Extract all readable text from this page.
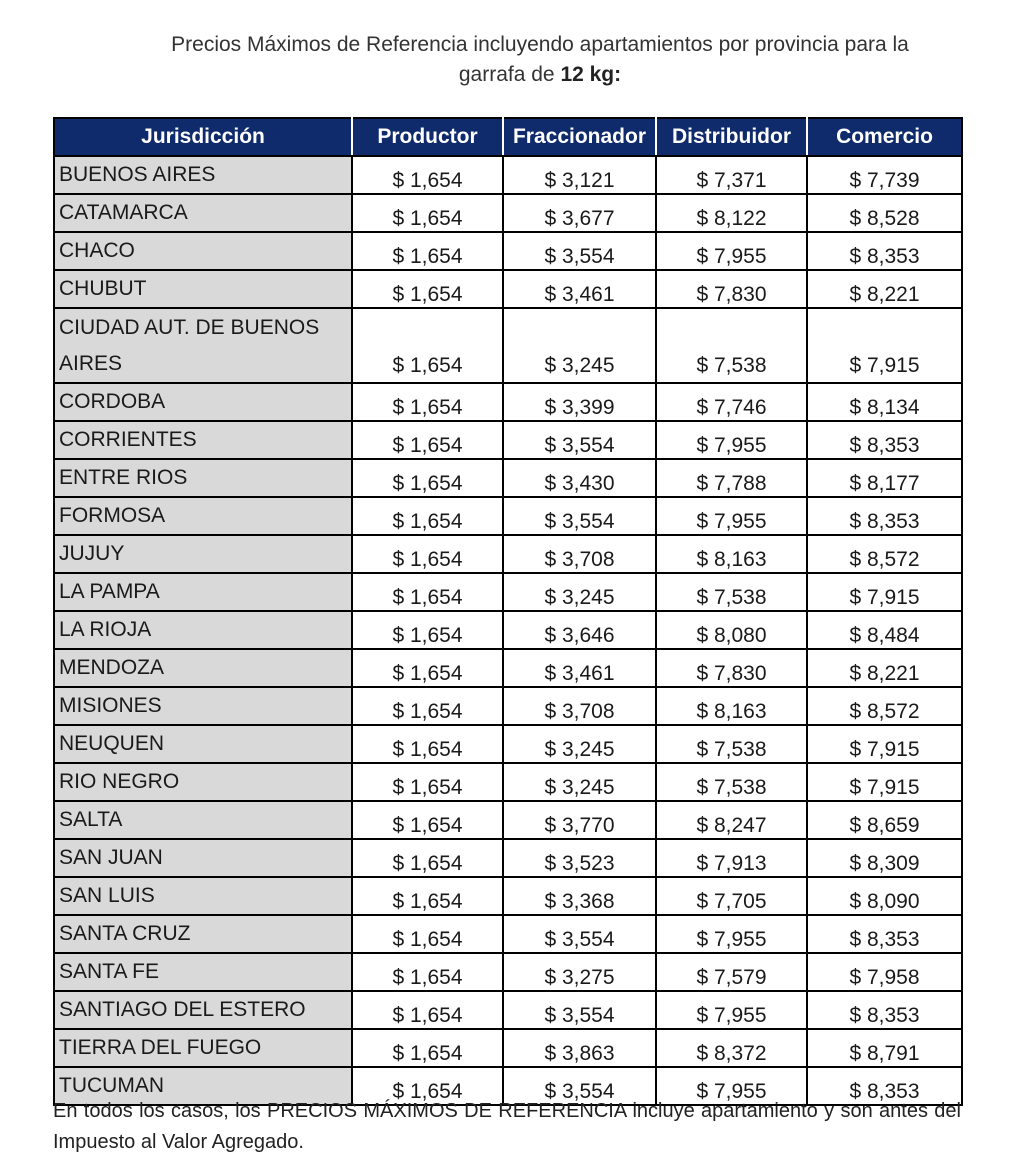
Precios Máximos de Referencia incluyendo apartamientos por provincia para la
garrafa de 12 kg:
Jurisdicción	Productor	Fraccionador	Distribuidor	Comercio
BUENOS AIRES	$ 1,654	$ 3,121	$ 7,371	$ 7,739
CATAMARCA	$ 1,654	$ 3,677	$ 8,122	$ 8,528
CHACO	$ 1,654	$ 3,554	$ 7,955	$ 8,353
CHUBUT	$ 1,654	$ 3,461	$ 7,830	$ 8,221
CIUDAD AUT. DE BUENOS AIRES	$ 1,654	$ 3,245	$ 7,538	$ 7,915
CORDOBA	$ 1,654	$ 3,399	$ 7,746	$ 8,134
CORRIENTES	$ 1,654	$ 3,554	$ 7,955	$ 8,353
ENTRE RIOS	$ 1,654	$ 3,430	$ 7,788	$ 8,177
FORMOSA	$ 1,654	$ 3,554	$ 7,955	$ 8,353
JUJUY	$ 1,654	$ 3,708	$ 8,163	$ 8,572
LA PAMPA	$ 1,654	$ 3,245	$ 7,538	$ 7,915
LA RIOJA	$ 1,654	$ 3,646	$ 8,080	$ 8,484
MENDOZA	$ 1,654	$ 3,461	$ 7,830	$ 8,221
MISIONES	$ 1,654	$ 3,708	$ 8,163	$ 8,572
NEUQUEN	$ 1,654	$ 3,245	$ 7,538	$ 7,915
RIO NEGRO	$ 1,654	$ 3,245	$ 7,538	$ 7,915
SALTA	$ 1,654	$ 3,770	$ 8,247	$ 8,659
SAN JUAN	$ 1,654	$ 3,523	$ 7,913	$ 8,309
SAN LUIS	$ 1,654	$ 3,368	$ 7,705	$ 8,090
SANTA CRUZ	$ 1,654	$ 3,554	$ 7,955	$ 8,353
SANTA FE	$ 1,654	$ 3,275	$ 7,579	$ 7,958
SANTIAGO DEL ESTERO	$ 1,654	$ 3,554	$ 7,955	$ 8,353
TIERRA DEL FUEGO	$ 1,654	$ 3,863	$ 8,372	$ 8,791
TUCUMAN	$ 1,654	$ 3,554	$ 7,955	$ 8,353
En todos los casos, los PRECIOS MÁXIMOS DE REFERENCIA incluye apartamiento y son antes del Impuesto al Valor Agregado.
